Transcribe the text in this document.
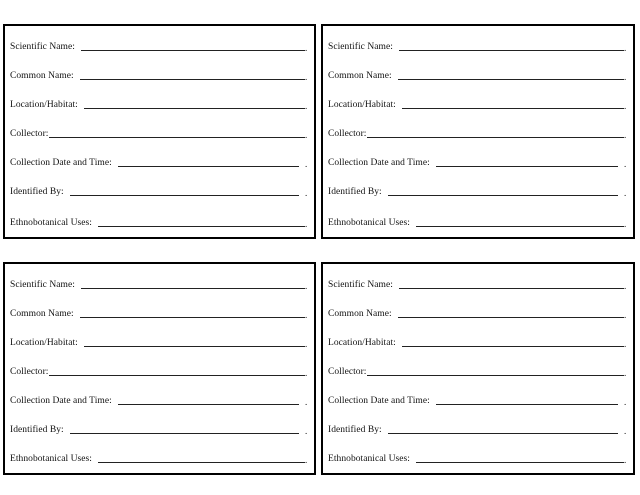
Scientific Name:	.
Common Name:	.
Location/Habitat:	.
Collector:	.
Collection Date and Time:	.
Identified By:	.
Ethnobotanical Uses:	.
Scientific Name:	.
Common Name:	.
Location/Habitat:	.
Collector:	.
Collection Date and Time:	.
Identified By:	.
Ethnobotanical Uses:	.
Scientific Name:	.
Common Name:	.
Location/Habitat:	.
Collector:	.
Collection Date and Time:	.
Identified By:	.
Ethnobotanical Uses:	.
Scientific Name:	.
Common Name:	.
Location/Habitat:	.
Collector:	.
Collection Date and Time:	.
Identified By:	.
Ethnobotanical Uses:	.
